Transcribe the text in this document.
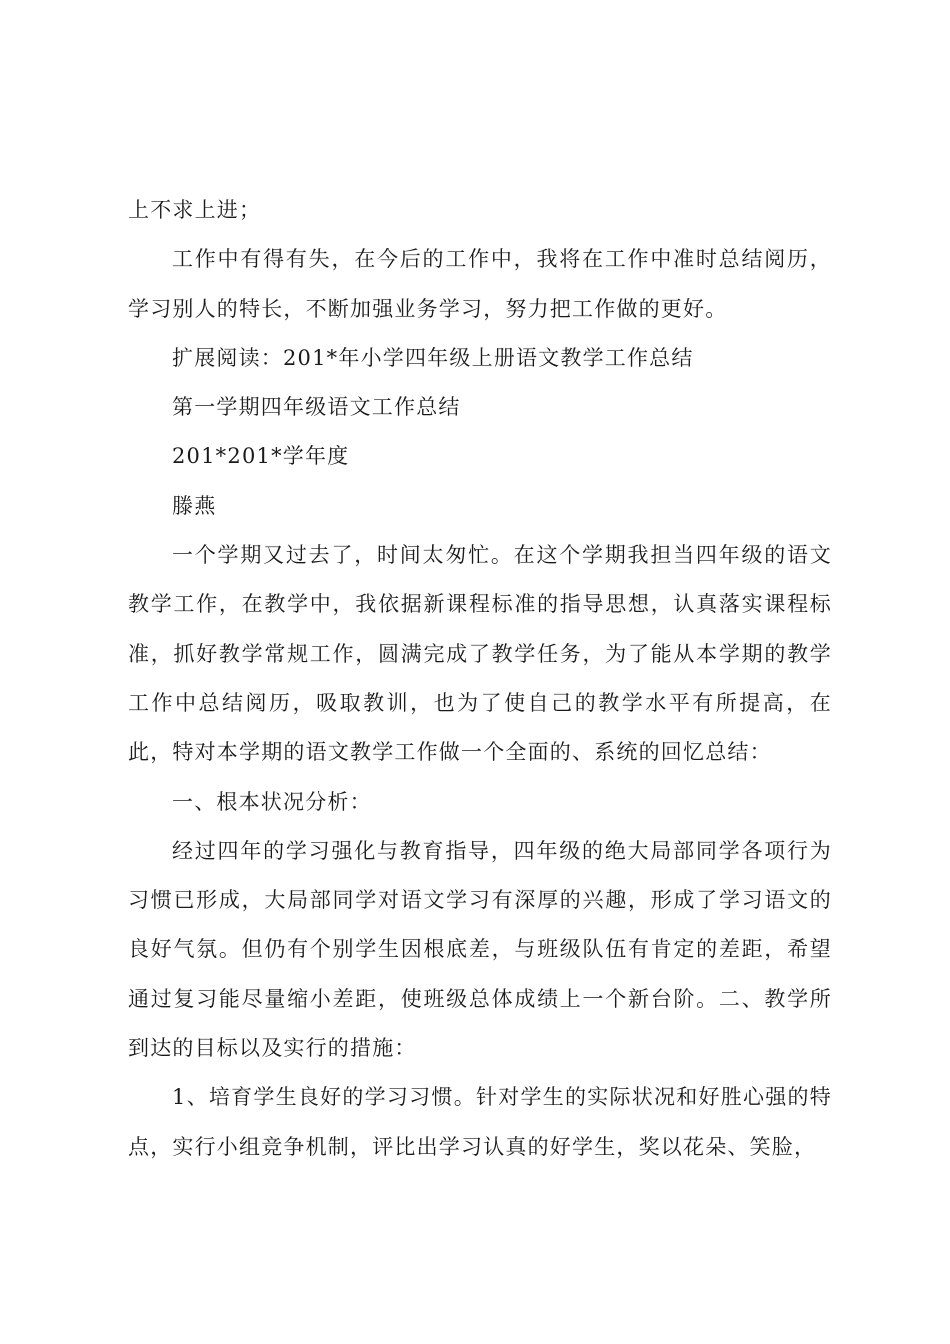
上不求上进；

工作中有得有失，在今后的工作中，我将在工作中准时总结阅历，学习别人的特长，不断加强业务学习，努力把工作做的更好。

扩展阅读：201*年小学四年级上册语文教学工作总结

第一学期四年级语文工作总结

201*201*学年度

滕燕

一个学期又过去了，时间太匆忙。在这个学期我担当四年级的语文教学工作，在教学中，我依据新课程标准的指导思想，认真落实课程标准，抓好教学常规工作，圆满完成了教学任务，为了能从本学期的教学工作中总结阅历，吸取教训，也为了使自己的教学水平有所提高，在此，特对本学期的语文教学工作做一个全面的、系统的回忆总结：

一、根本状况分析：

经过四年的学习强化与教育指导，四年级的绝大局部同学各项行为习惯已形成，大局部同学对语文学习有深厚的兴趣，形成了学习语文的良好气氛。但仍有个别学生因根底差，与班级队伍有肯定的差距，希望通过复习能尽量缩小差距，使班级总体成绩上一个新台阶。二、教学所到达的目标以及实行的措施：

1、培育学生良好的学习习惯。针对学生的实际状况和好胜心强的特点，实行小组竞争机制，评比出学习认真的好学生，奖以花朵、笑脸，
